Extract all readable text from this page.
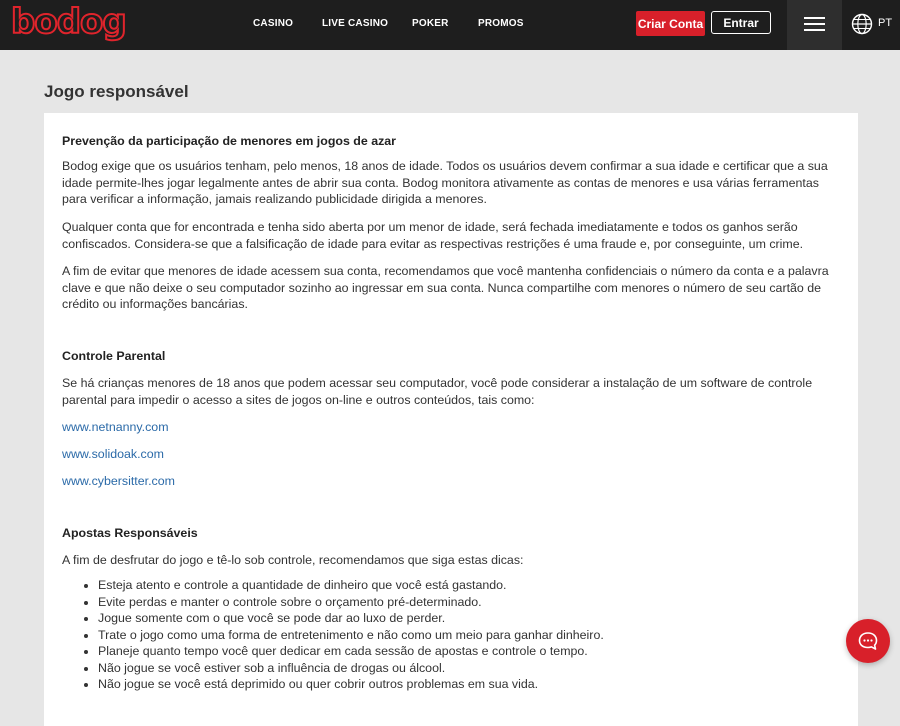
bodog	CASINO	LIVE CASINO POKER	PROMOS	Criar Conta	Entrar	PT
Jogo responsável
Prevenção da participação de menores em jogos de azar

Bodog exige que os usuários tenham, pelo menos, 18 anos de idade. Todos os usuários devem confirmar a sua idade e certificar que a sua idade permite-lhes jogar legalmente antes de abrir sua conta. Bodog monitora ativamente as contas de menores e usa várias ferramentas para verificar a informação, jamais realizando publicidade dirigida a menores.

Qualquer conta que for encontrada e tenha sido aberta por um menor de idade, será fechada imediatamente e todos os ganhos serão confiscados. Considera-se que a falsificação de idade para evitar as respectivas restrições é uma fraude e, por conseguinte, um crime.

A fim de evitar que menores de idade acessem sua conta, recomendamos que você mantenha confidenciais o número da conta e a palavra clave e que não deixe o seu computador sozinho ao ingressar em sua conta. Nunca compartilhe com menores o número de seu cartão de crédito ou informações bancárias.

Controle Parental

Se há crianças menores de 18 anos que podem acessar seu computador, você pode considerar a instalação de um software de controle parental para impedir o acesso a sites de jogos on-line e outros conteúdos, tais como:

www.netnanny.com
www.solidoak.com
www.cybersitter.com
Apostas Responsáveis

A fim de desfrutar do jogo e tê-lo sob controle, recomendamos que siga estas dicas:

• Esteja atento e controle a quantidade de dinheiro que você está gastando.
• Evite perdas e manter o controle sobre o orçamento pré-determinado.
• Jogue somente com o que você se pode dar ao luxo de perder.
• Trate o jogo como uma forma de entretenimento e não como um meio para ganhar dinheiro.
• Planeje quanto tempo você quer dedicar em cada sessão de apostas e controle o tempo.
• Não jogue se você estiver sob a influência de drogas ou álcool.
• Não jogue se você está deprimido ou quer cobrir outros problemas em sua vida.
